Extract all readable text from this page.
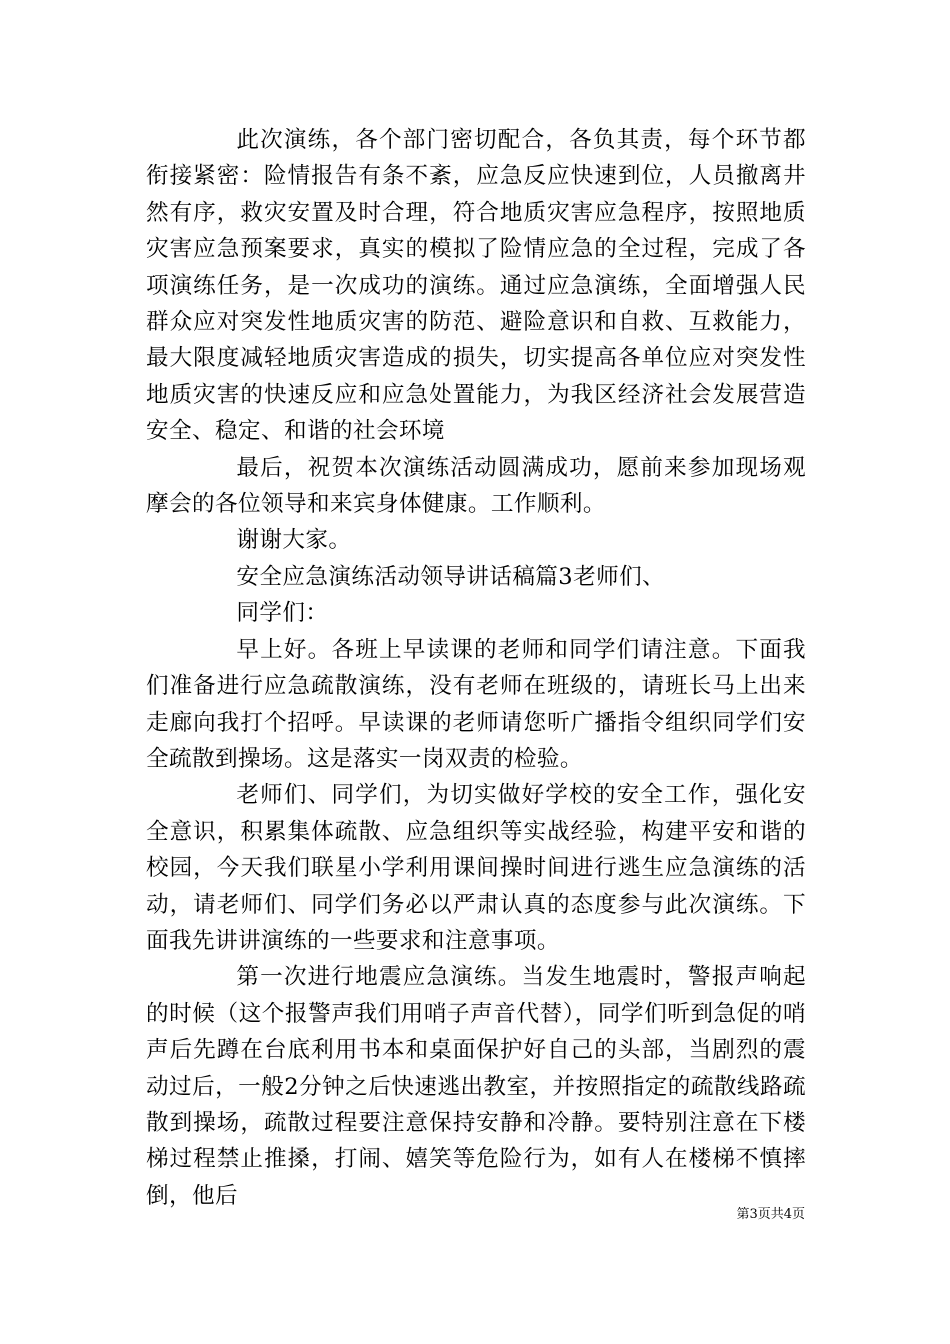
此次演练，各个部门密切配合，各负其责，每个环节都衔接紧密：险情报告有条不紊，应急反应快速到位，人员撤离井然有序，救灾安置及时合理，符合地质灾害应急程序，按照地质灾害应急预案要求，真实的模拟了险情应急的全过程，完成了各项演练任务，是一次成功的演练。通过应急演练，全面增强人民群众应对突发性地质灾害的防范、避险意识和自救、互救能力，最大限度减轻地质灾害造成的损失，切实提高各单位应对突发性地质灾害的快速反应和应急处置能力，为我区经济社会发展营造安全、稳定、和谐的社会环境

最后，祝贺本次演练活动圆满成功，愿前来参加现场观摩会的各位领导和来宾身体健康。工作顺利。

谢谢大家。

安全应急演练活动领导讲话稿篇3老师们、

同学们：

早上好。各班上早读课的老师和同学们请注意。下面我们准备进行应急疏散演练，没有老师在班级的，请班长马上出来走廊向我打个招呼。早读课的老师请您听广播指令组织同学们安全疏散到操场。这是落实一岗双责的检验。

老师们、同学们，为切实做好学校的安全工作，强化安全意识，积累集体疏散、应急组织等实战经验，构建平安和谐的校园，今天我们联星小学利用课间操时间进行逃生应急演练的活动，请老师们、同学们务必以严肃认真的态度参与此次演练。下面我先讲讲演练的一些要求和注意事项。

第一次进行地震应急演练。当发生地震时，警报声响起的时候（这个报警声我们用哨子声音代替），同学们听到急促的哨声后先蹲在台底利用书本和桌面保护好自己的头部，当剧烈的震动过后，一般2分钟之后快速逃出教室，并按照指定的疏散线路疏散到操场，疏散过程要注意保持安静和冷静。要特别注意在下楼梯过程禁止推搡，打闹、嬉笑等危险行为，如有人在楼梯不慎摔倒，他后

第3页共4页
